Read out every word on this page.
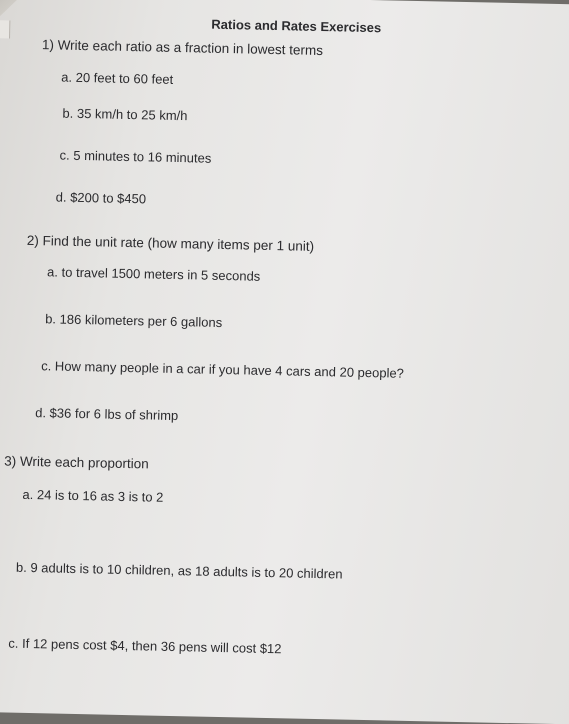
Ratios and Rates Exercises
1) Write each ratio as a fraction in lowest terms
a. 20 feet to 60 feet
b. 35 km/h to 25 km/h
c. 5 minutes to 16 minutes
d. $200 to $450
2) Find the unit rate (how many items per 1 unit)
a. to travel 1500 meters in 5 seconds
b. 186 kilometers per 6 gallons
c. How many people in a car if you have 4 cars and 20 people?
d. $36 for 6 lbs of shrimp
3) Write each proportion
a. 24 is to 16 as 3 is to 2
b. 9 adults is to 10 children, as 18 adults is to 20 children
c. If 12 pens cost $4, then 36 pens will cost $12
